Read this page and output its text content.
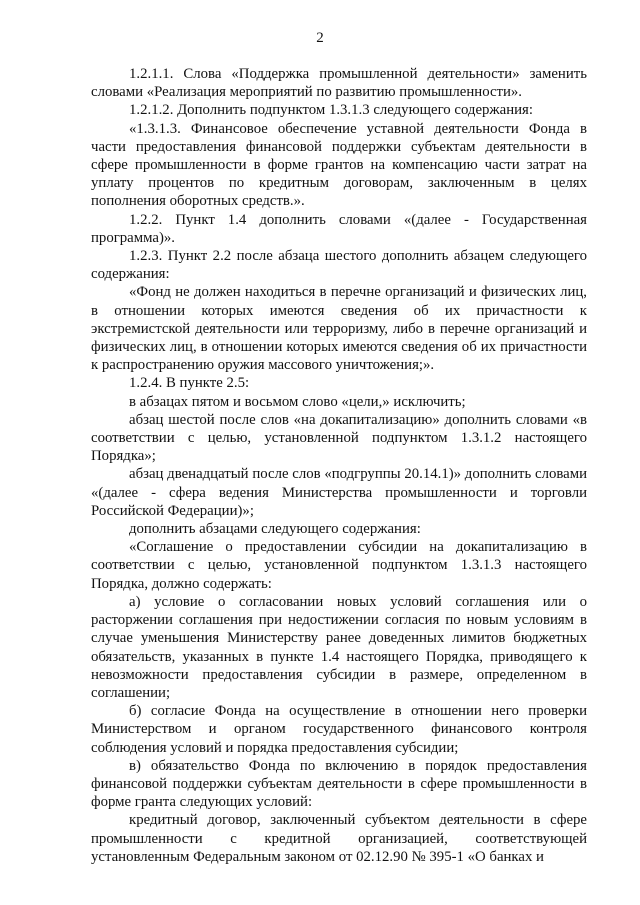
2

1.2.1.1. Слова «Поддержка промышленной деятельности» заменить словами «Реализация мероприятий по развитию промышленности».

1.2.1.2. Дополнить подпунктом 1.3.1.3 следующего содержания:

«1.3.1.3. Финансовое обеспечение уставной деятельности Фонда в части предоставления финансовой поддержки субъектам деятельности в сфере промышленности в форме грантов на компенсацию части затрат на уплату процентов по кредитным договорам, заключенным в целях пополнения оборотных средств.».

1.2.2. Пункт 1.4 дополнить словами «(далее - Государственная программа)».

1.2.3. Пункт 2.2 после абзаца шестого дополнить абзацем следующего содержания:

«Фонд не должен находиться в перечне организаций и физических лиц, в отношении которых имеются сведения об их причастности к экстремистской деятельности или терроризму, либо в перечне организаций и физических лиц, в отношении которых имеются сведения об их причастности к распространению оружия массового уничтожения;».

1.2.4. В пункте 2.5:

в абзацах пятом и восьмом слово «цели,» исключить;

абзац шестой после слов «на докапитализацию» дополнить словами «в соответствии с целью, установленной подпунктом 1.3.1.2 настоящего Порядка»;

абзац двенадцатый после слов «подгруппы 20.14.1)» дополнить словами «(далее - сфера ведения Министерства промышленности и торговли Российской Федерации)»;

дополнить абзацами следующего содержания:

«Соглашение о предоставлении субсидии на докапитализацию в соответствии с целью, установленной подпунктом 1.3.1.3 настоящего Порядка, должно содержать:

а) условие о согласовании новых условий соглашения или о расторжении соглашения при недостижении согласия по новым условиям в случае уменьшения Министерству ранее доведенных лимитов бюджетных обязательств, указанных в пункте 1.4 настоящего Порядка, приводящего к невозможности предоставления субсидии в размере, определенном в соглашении;

б) согласие Фонда на осуществление в отношении него проверки Министерством и органом государственного финансового контроля соблюдения условий и порядка предоставления субсидии;

в) обязательство Фонда по включению в порядок предоставления финансовой поддержки субъектам деятельности в сфере промышленности в форме гранта следующих условий:

кредитный договор, заключенный субъектом деятельности в сфере промышленности с кредитной организацией, соответствующей установленным Федеральным законом от 02.12.90 № 395-1 «О банках и
